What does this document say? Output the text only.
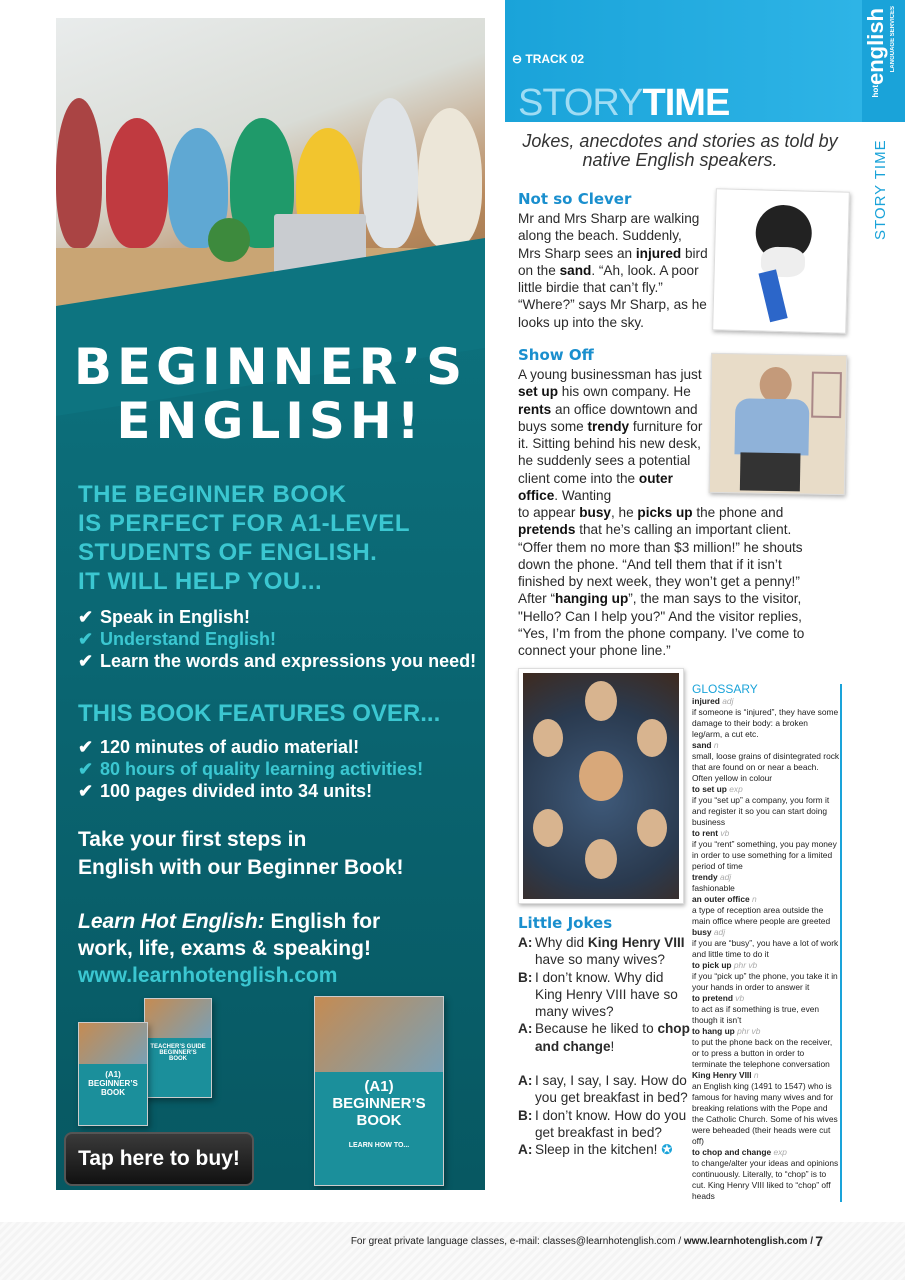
BEGINNER’S
ENGLISH!
THE BEGINNER BOOK
IS PERFECT FOR A1-LEVEL
STUDENTS OF ENGLISH.
IT WILL HELP YOU...
✔ Speak in English!
✔ Understand English!
✔ Learn the words and expressions you need!
THIS BOOK FEATURES OVER...
✔ 120 minutes of audio material!
✔ 80 hours of quality learning activities!
✔ 100 pages divided into 34 units!
Take your first steps in
English with our Beginner Book!
Learn Hot English: English for
work, life, exams & speaking!
www.learnhotenglish.com
TEACHER’S GUIDE
BEGINNER’S
BOOK
(A1)
BEGINNER’S
BOOK	(A1)
BEGINNER’S
BOOK
LEARN HOW TO...
Tap here to buy!
⊖ TRACK 02
STORYTIME	hotenglish LANGUAGE SERVICES
STORY TIME
Jokes, anecdotes and stories as told by native English speakers.
Not so Clever
Mr and Mrs Sharp are walking along the beach. Suddenly, Mrs Sharp sees an injured bird on the sand. “Ah, look. A poor little birdie that can’t fly.” “Where?” says Mr Sharp, as he looks up into the sky.
Show Off
A young businessman has just set up his own company. He rents an office downtown and buys some trendy furniture for it. Sitting behind his new desk, he suddenly sees a potential client come into the outer office. Wanting
to appear busy, he picks up the phone and pretends that he’s calling an important client. “Offer them no more than $3 million!” he shouts down the phone. “And tell them that if it isn’t finished by next week, they won’t get a penny!” After “hanging up”, the man says to the visitor, "Hello? Can I help you?" And the visitor replies, “Yes, I’m from the phone company. I’ve come to connect your phone line.”
GLOSSARY
injured adj
if someone is “injured”, they have some damage to their body: a broken leg/arm, a cut etc.
sand n
small, loose grains of disintegrated rock that are found on or near a beach. Often yellow in colour
to set up exp
if you “set up” a company, you form it and register it so you can start doing business
to rent vb
if you “rent” something, you pay money in order to use something for a limited period of time
trendy adj
fashionable
an outer office n
a type of reception area outside the main office where people are greeted
busy adj
if you are “busy”, you have a lot of work and little time to do it
to pick up phr vb
if you “pick up” the phone, you take it in your hands in order to answer it
to pretend vb
to act as if something is true, even though it isn’t
to hang up phr vb
to put the phone back on the receiver, or to press a button in order to terminate the telephone conversation
King Henry VIII n
an English king (1491 to 1547) who is famous for having many wives and for breaking relations with the Pope and the Catholic Church. Some of his wives were beheaded (their heads were cut off)
to chop and change exp
to change/alter your ideas and opinions continuously. Literally, to “chop” is to cut. King Henry VIII liked to “chop” off heads
Little Jokes
A: Why did King Henry VIII have so many wives?
B: I don’t know. Why did King Henry VIII have so many wives?
A: Because he liked to chop and change!
A: I say, I say, I say. How do you get breakfast in bed?
B: I don’t know. How do you get breakfast in bed?
A: Sleep in the kitchen! ✪
For great private language classes, e-mail: classes@learnhotenglish.com / www.learnhotenglish.com / 7
